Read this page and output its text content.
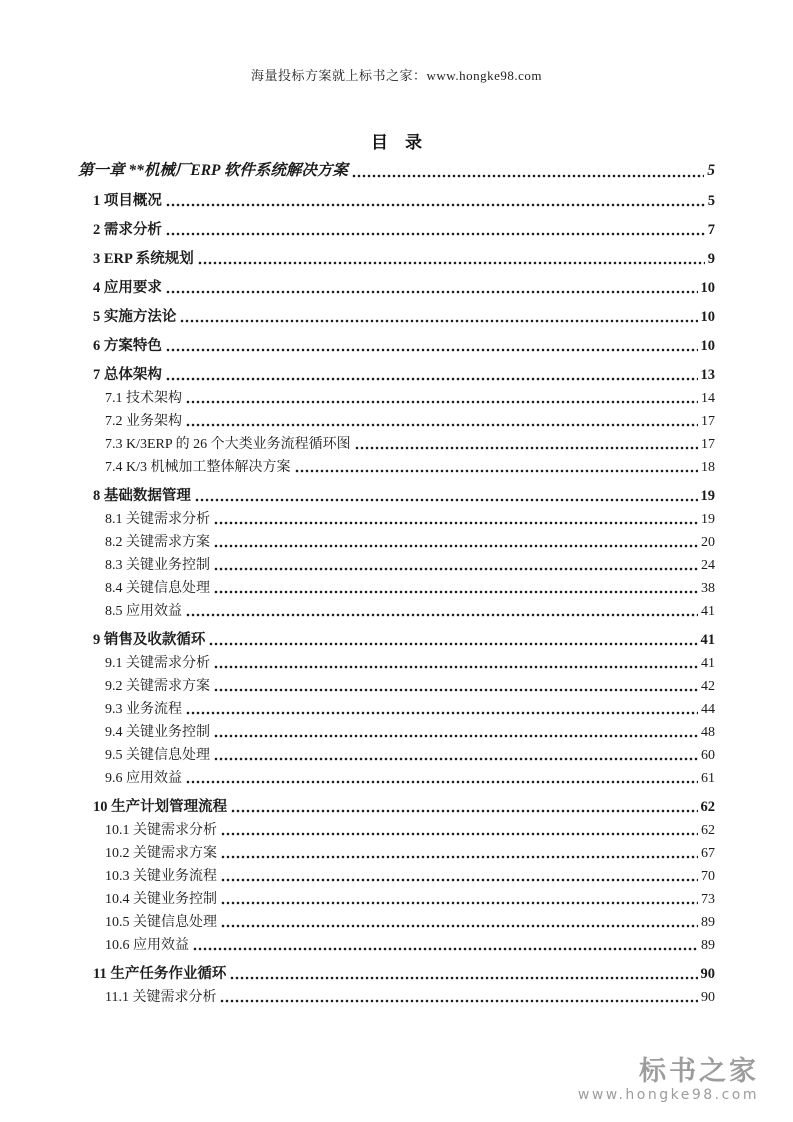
海量投标方案就上标书之家：www.hongke98.com
目　录
第一章 **机械厂ERP 软件系统解决方案	5
1 项目概况	5
2 需求分析	7
3 ERP 系统规划	9
4 应用要求	10
5 实施方法论	10
6 方案特色	10
7 总体架构	13
7.1 技术架构	14
7.2 业务架构	17
7.3 K/3ERP 的 26 个大类业务流程循环图	17
7.4 K/3 机械加工整体解决方案	18
8 基础数据管理	19
8.1 关键需求分析	19
8.2 关键需求方案	20
8.3 关键业务控制	24
8.4 关键信息处理	38
8.5 应用效益	41
9 销售及收款循环	41
9.1 关键需求分析	41
9.2 关键需求方案	42
9.3 业务流程	44
9.4 关键业务控制	48
9.5 关键信息处理	60
9.6 应用效益	61
10 生产计划管理流程	62
10.1 关键需求分析	62
10.2 关键需求方案	67
10.3 关键业务流程	70
10.4 关键业务控制	73
10.5 关键信息处理	89
10.6 应用效益	89
11 生产任务作业循环	90
11.1 关键需求分析	90
标书之家
www.hongke98.com
